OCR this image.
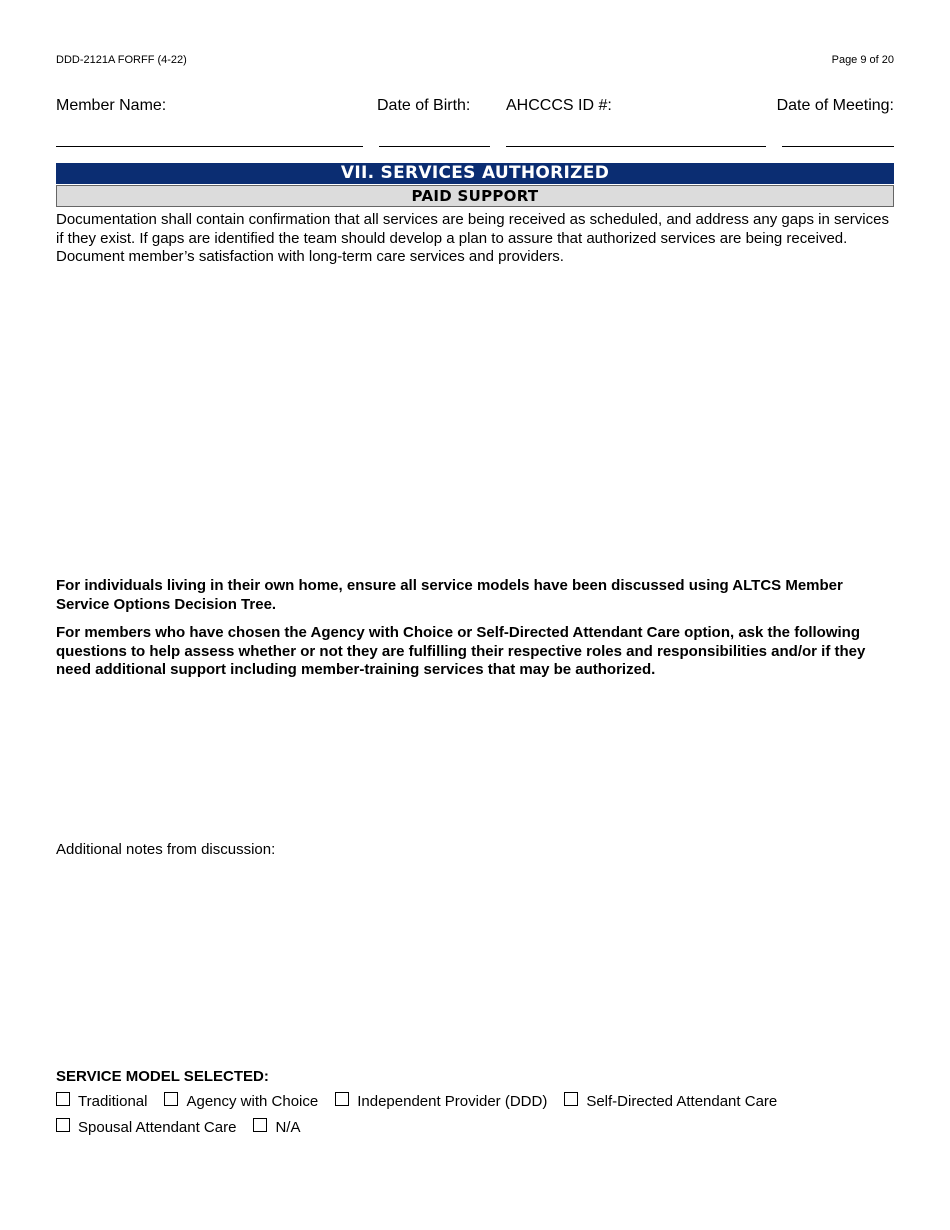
DDD-2121A FORFF (4-22)	Page 9 of 20
Member Name:	Date of Birth: AHCCCS ID #:	Date of Meeting:
VII. SERVICES AUTHORIZED
PAID SUPPORT
Documentation shall contain confirmation that all services are being received as scheduled, and address any gaps in services if they exist. If gaps are identified the team should develop a plan to assure that authorized services are being received. Document member’s satisfaction with long-term care services and providers.
For individuals living in their own home, ensure all service models have been discussed using ALTCS Member Service Options Decision Tree.
For members who have chosen the Agency with Choice or Self-Directed Attendant Care option, ask the following questions to help assess whether or not they are fulfilling their respective roles and responsibilities and/or if they need additional support including member-training services that may be authorized.
Additional notes from discussion:
SERVICE MODEL SELECTED:
Traditional	Agency with Choice	Independent Provider (DDD)	Self-Directed Attendant Care
Spousal Attendant Care	N/A
